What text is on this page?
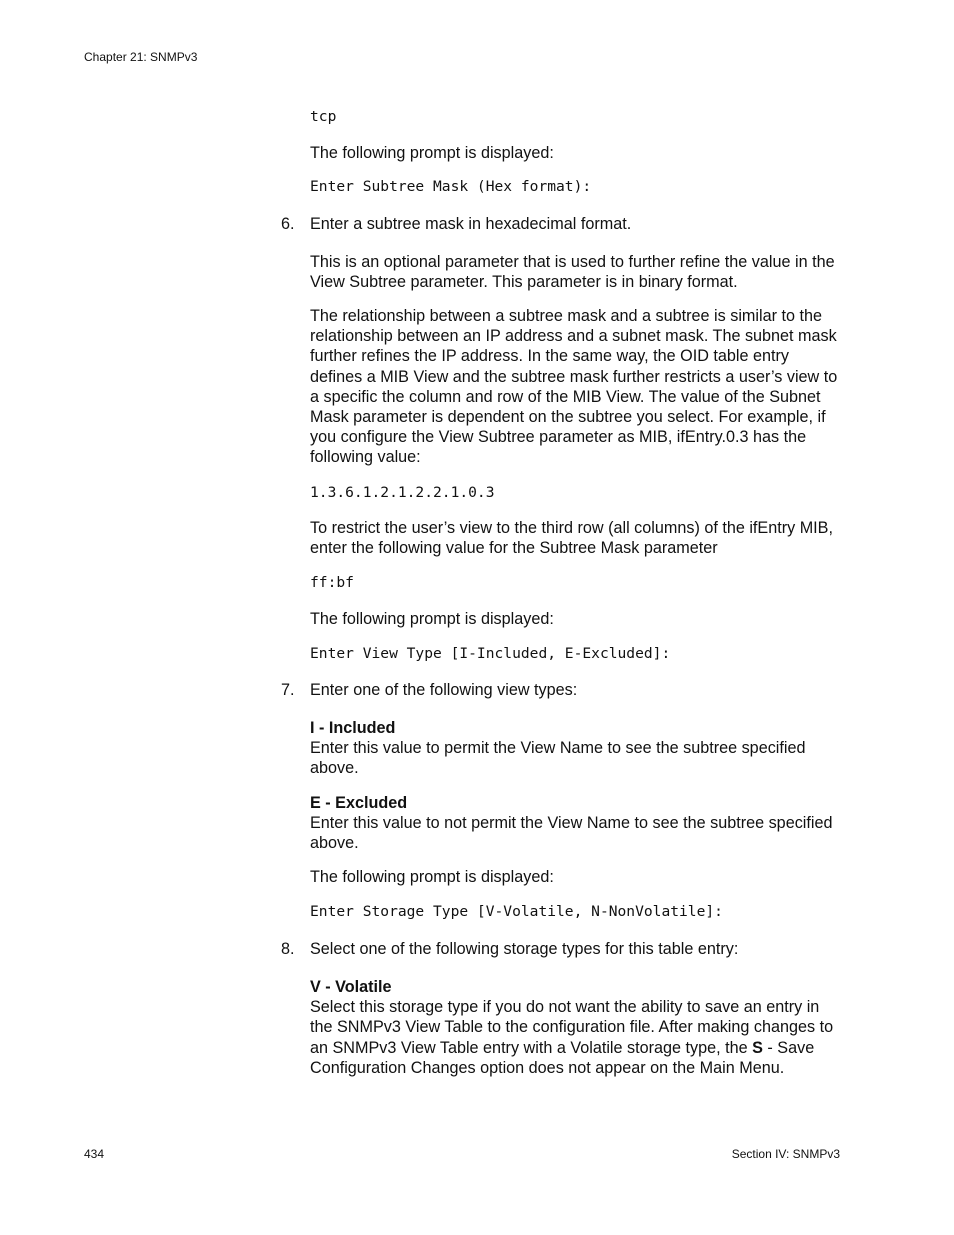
Chapter 21: SNMPv3
tcp

The following prompt is displayed:

Enter Subtree Mask (Hex format):
6. Enter a subtree mask in hexadecimal format.

This is an optional parameter that is used to further refine the value in the View Subtree parameter. This parameter is in binary format.

The relationship between a subtree mask and a subtree is similar to the relationship between an IP address and a subnet mask. The subnet mask further refines the IP address. In the same way, the OID table entry defines a MIB View and the subtree mask further restricts a user’s view to a specific the column and row of the MIB View. The value of the Subnet Mask parameter is dependent on the subtree you select. For example, if you configure the View Subtree parameter as MIB, ifEntry.0.3 has the following value:

1.3.6.1.2.1.2.2.1.0.3

To restrict the user’s view to the third row (all columns) of the ifEntry MIB, enter the following value for the Subtree Mask parameter

ff:bf

The following prompt is displayed:

Enter View Type [I-Included, E-Excluded]:
7. Enter one of the following view types:

I - Included
Enter this value to permit the View Name to see the subtree specified above.
E - Excluded
Enter this value to not permit the View Name to see the subtree specified above.

The following prompt is displayed:

Enter Storage Type [V-Volatile, N-NonVolatile]:
8. Select one of the following storage types for this table entry:

V - Volatile
Select this storage type if you do not want the ability to save an entry in the SNMPv3 View Table to the configuration file. After making changes to an SNMPv3 View Table entry with a Volatile storage type, the S - Save Configuration Changes option does not appear on the Main Menu.
434	Section IV: SNMPv3
